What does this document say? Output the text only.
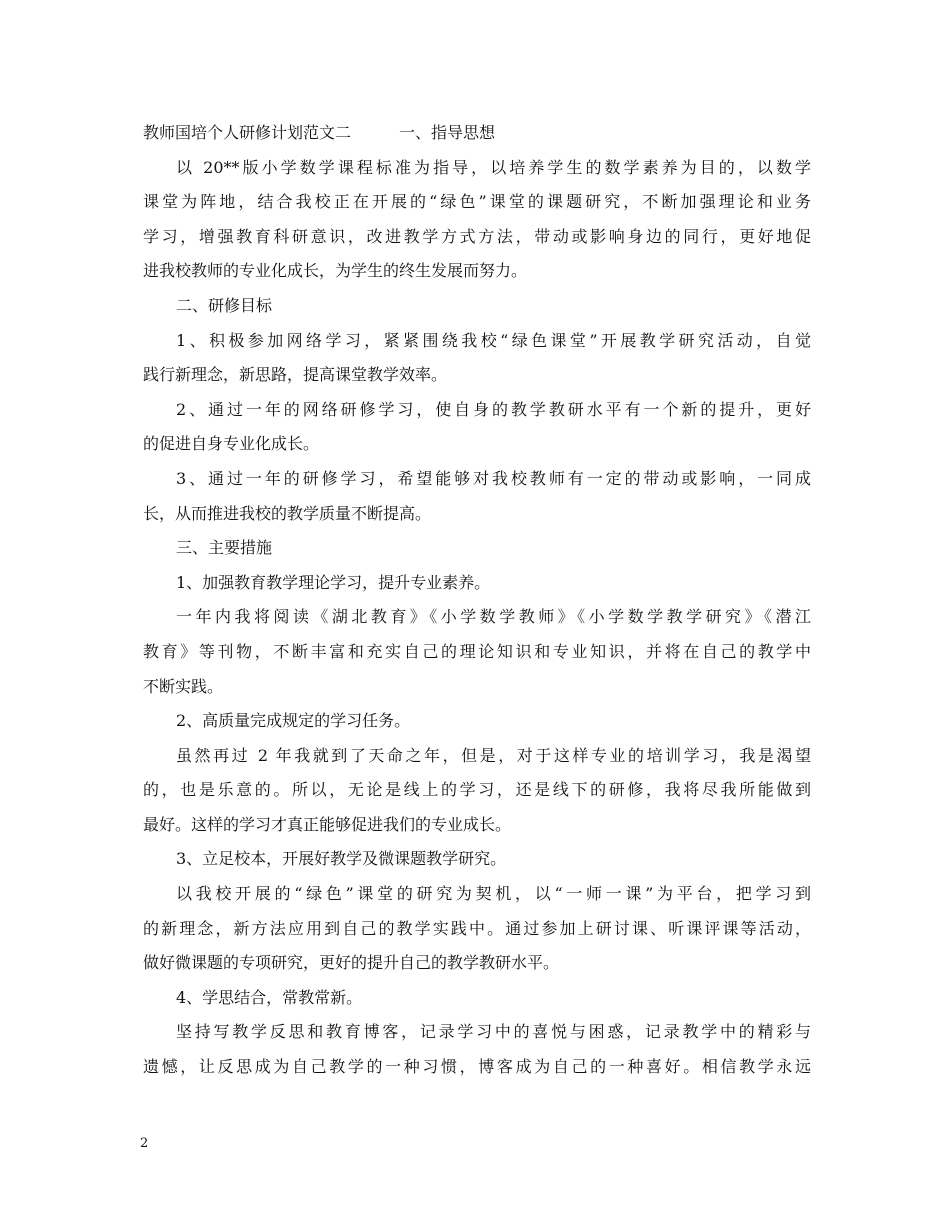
教师国培个人研修计划范文二	一、指导思想
以 20**版小学数学课程标准为指导，以培养学生的数学素养为目的，以数学
课堂为阵地，结合我校正在开展的“绿色”课堂的课题研究，不断加强理论和业务
学习，增强教育科研意识，改进教学方式方法，带动或影响身边的同行，更好地促
进我校教师的专业化成长，为学生的终生发展而努力。
二、研修目标
1、积极参加网络学习，紧紧围绕我校“绿色课堂”开展教学研究活动，自觉
践行新理念，新思路，提高课堂教学效率。
2、通过一年的网络研修学习，使自身的教学教研水平有一个新的提升，更好
的促进自身专业化成长。
3、通过一年的研修学习，希望能够对我校教师有一定的带动或影响，一同成
长，从而推进我校的教学质量不断提高。
三、主要措施
1、加强教育教学理论学习，提升专业素养。
一年内我将阅读《湖北教育》《小学数学教师》《小学数学教学研究》《潜江
教育》等刊物，不断丰富和充实自己的理论知识和专业知识，并将在自己的教学中
不断实践。
2、高质量完成规定的学习任务。
虽然再过 2 年我就到了天命之年，但是，对于这样专业的培训学习，我是渴望
的，也是乐意的。所以，无论是线上的学习，还是线下的研修，我将尽我所能做到
最好。这样的学习才真正能够促进我们的专业成长。
3、立足校本，开展好教学及微课题教学研究。
以我校开展的“绿色”课堂的研究为契机，以“一师一课”为平台，把学习到
的新理念，新方法应用到自己的教学实践中。通过参加上研讨课、听课评课等活动，
做好微课题的专项研究，更好的提升自己的教学教研水平。
4、学思结合，常教常新。
坚持写教学反思和教育博客，记录学习中的喜悦与困惑，记录教学中的精彩与
遗憾，让反思成为自己教学的一种习惯，博客成为自己的一种喜好。相信教学永远
2
